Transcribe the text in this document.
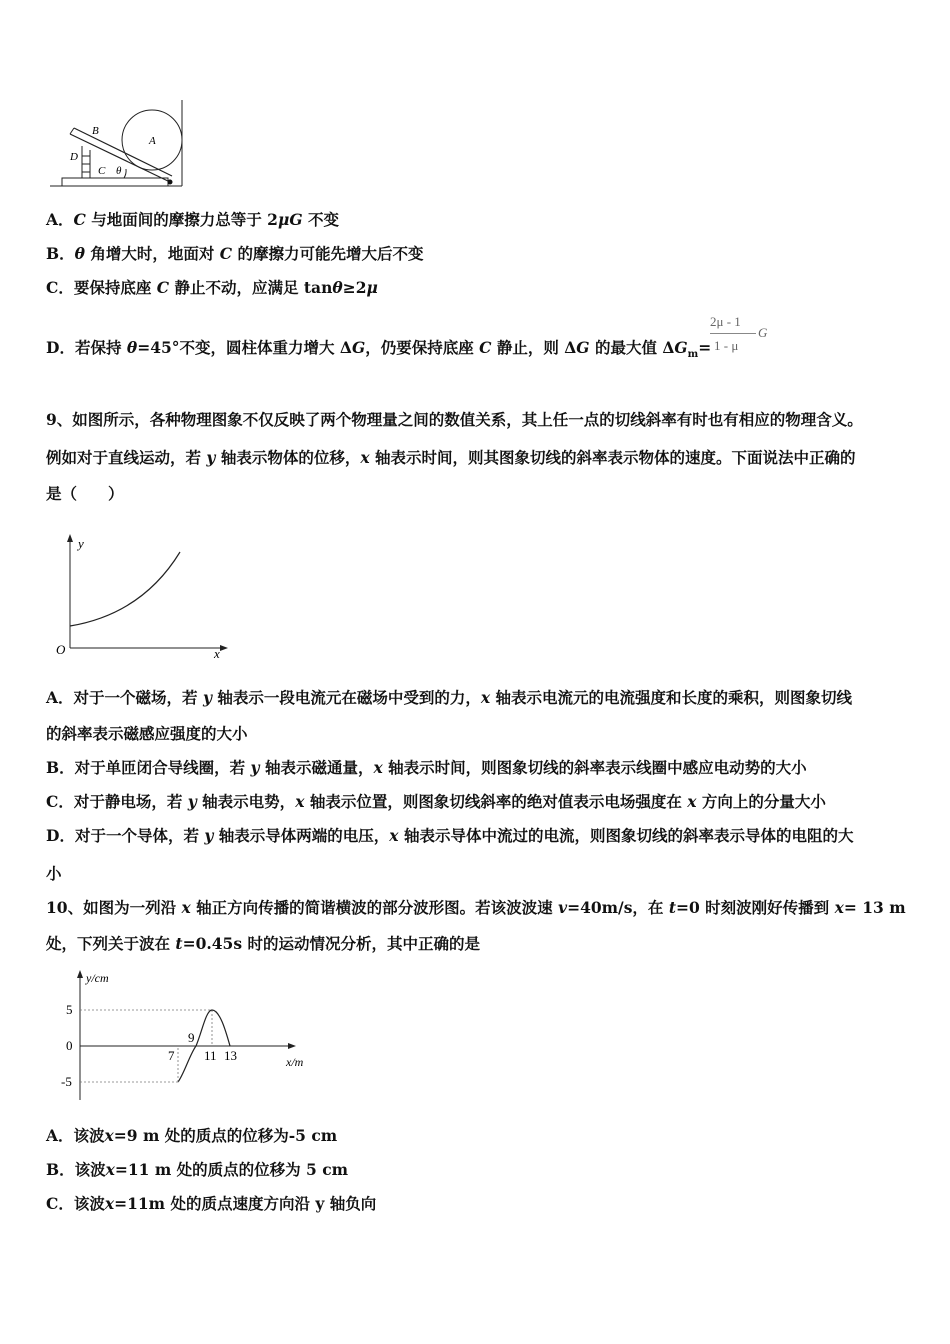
B
A
D
C θ
A．C 与地面间的摩擦力总等于 2μG 不变
B．θ 角增大时，地面对 C 的摩擦力可能先增大后不变
C．要保持底座 C 静止不动，应满足 tanθ≥2μ
D．若保持 θ=45°不变，圆柱体重力增大 ΔG，仍要保持底座 C 静止，则 ΔG 的最大值 $\Delta G_m=$
2μ - 1
1 - μ
G
9、如图所示，各种物理图象不仅反映了两个物理量之间的数值关系，其上任一点的切线斜率有时也有相应的物理含义。
例如对于直线运动，若 y 轴表示物体的位移，x 轴表示时间，则其图象切线的斜率表示物体的速度。下面说法中正确的
是（　　）
y
x
O
A．对于一个磁场，若 y 轴表示一段电流元在磁场中受到的力，x 轴表示电流元的电流强度和长度的乘积，则图象切线
的斜率表示磁感应强度的大小
B．对于单匝闭合导线圈，若 y 轴表示磁通量，x 轴表示时间，则图象切线的斜率表示线圈中感应电动势的大小
C．对于静电场，若 y 轴表示电势，x 轴表示位置，则图象切线斜率的绝对值表示电场强度在 x 方向上的分量大小
D．对于一个导体，若 y 轴表示导体两端的电压，x 轴表示导体中流过的电流，则图象切线的斜率表示导体的电阻的大
小
10、如图为一列沿 x 轴正方向传播的简谐横波的部分波形图。若该波波速 v=40m/s，在 t=0 时刻波刚好传播到 x= 13 m
处，下列关于波在 t=0.45s 时的运动情况分析，其中正确的是
y/cm
x/m
5
0
-5
7
9
11 13
A．该波x=9 m 处的质点的位移为-5 cm
B．该波x=11 m 处的质点的位移为 5 cm
C．该波x=11m 处的质点速度方向沿 y 轴负向
